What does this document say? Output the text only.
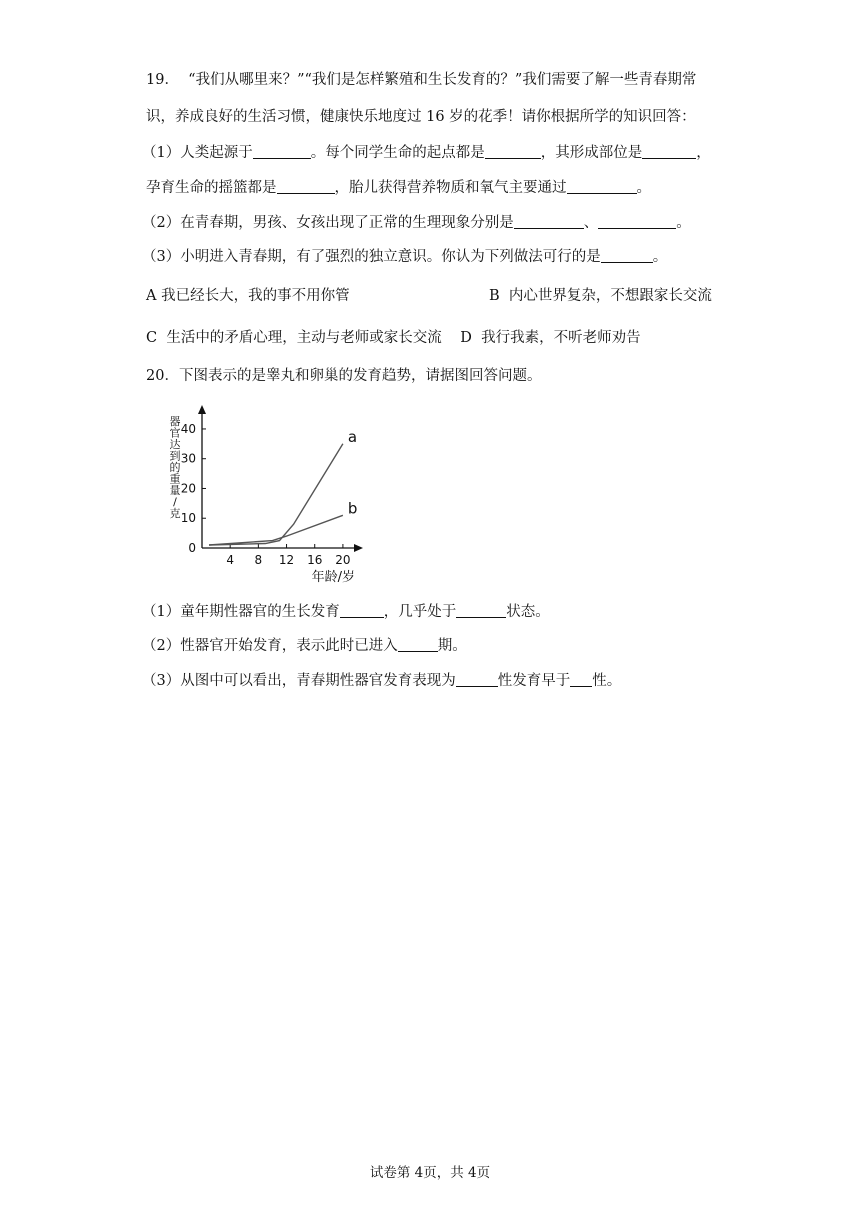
19．  “我们从哪里来？”“我们是怎样繁殖和生长发育的？”我们需要了解一些青春期常
识，养成良好的生活习惯，健康快乐地度过 16 岁的花季！请你根据所学的知识回答：
（1）人类起源于	。每个同学生命的起点都是	，其形成部位是	，
孕育生命的摇篮都是	，胎儿获得营养物质和氧气主要通过	。
（2）在青春期，男孩、女孩出现了正常的生理现象分别是	、	。
（3）小明进入青春期，有了强烈的独立意识。你认为下列做法可行的是	。
A 我已经长大，我的事不用你管	B  内心世界复杂，不想跟家长交流
C  生活中的矛盾心理，主动与老师或家长交流    D  我行我素，不听老师劝告
20．下图表示的是睾丸和卵巢的发育趋势，请据图回答问题。
器
官
达
到
的
重
量
/
克
0
10
20
30
40
4 8 12 16 20
a
b
年龄/岁
（1）童年期性器官的生长发育	，几乎处于	状态。
（2）性器官开始发育，表示此时已进入	期。
（3）从图中可以看出，青春期性器官发育表现为	性发育早于 性。
试卷第 4页，共 4页
